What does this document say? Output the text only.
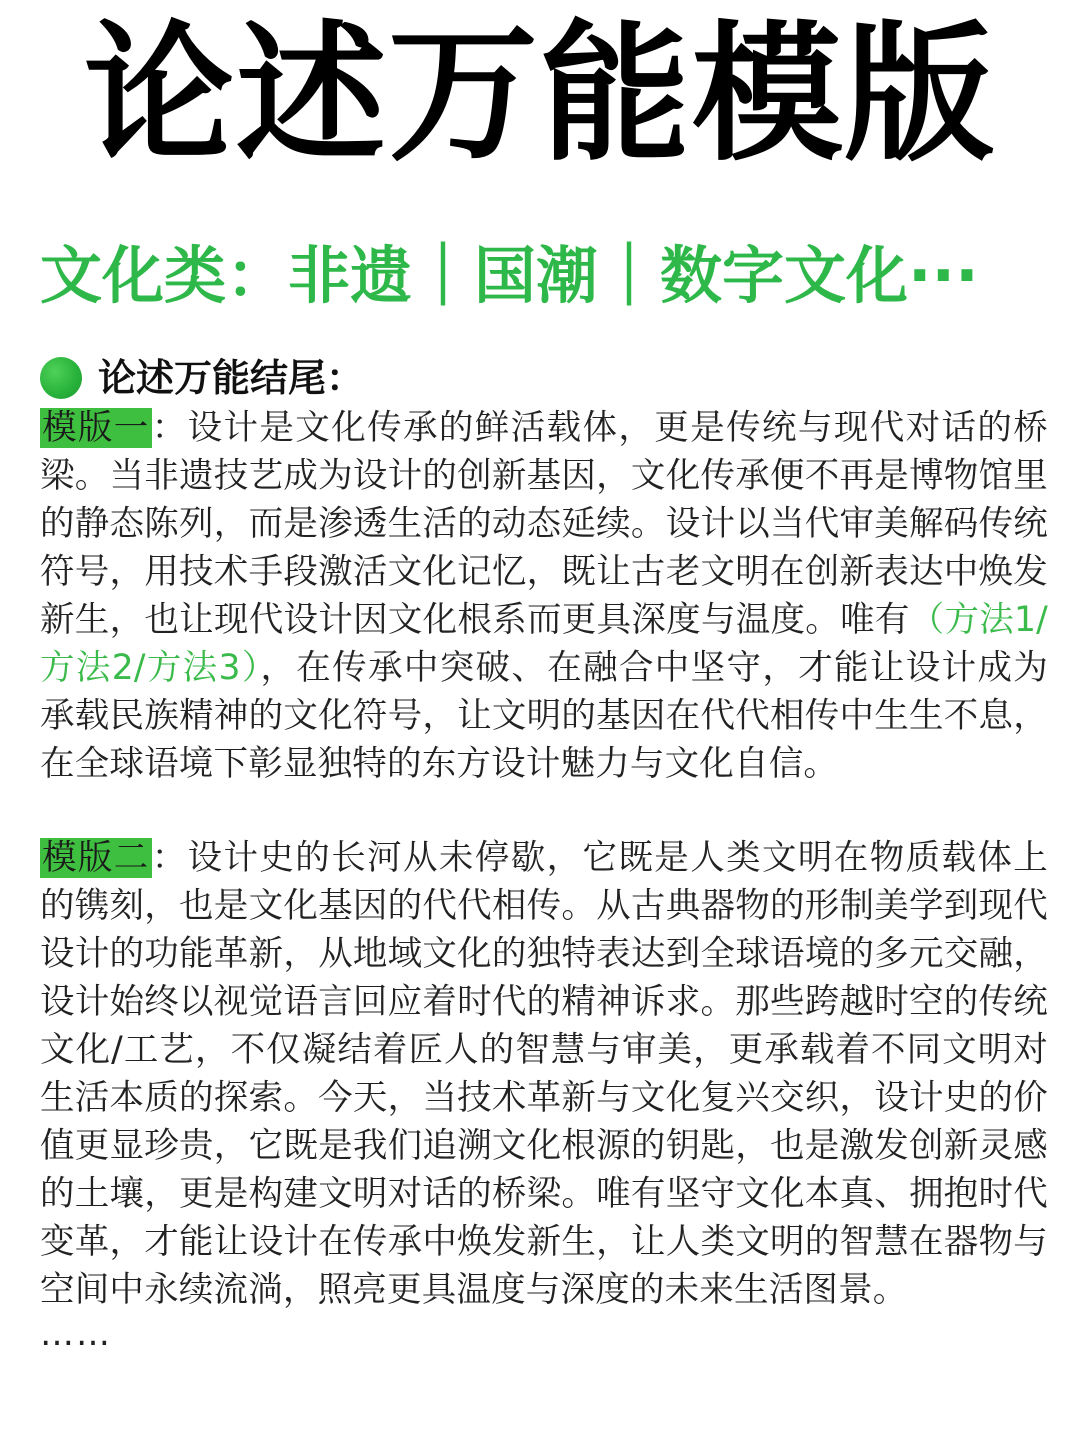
论述万能模版
文化类：非遗｜国潮｜数字文化···
论述万能结尾：
模版一：设计是文化传承的鲜活载体，更是传统与现代对话的桥梁。当非遗技艺成为设计的创新基因，文化传承便不再是博物馆里的静态陈列，而是渗透生活的动态延续。设计以当代审美解码传统符号，用技术手段激活文化记忆，既让古老文明在创新表达中焕发新生，也让现代设计因文化根系而更具深度与温度。唯有（方法1/方法2/方法3），在传承中突破、在融合中坚守，才能让设计成为承载民族精神的文化符号，让文明的基因在代代相传中生生不息，在全球语境下彰显独特的东方设计魅力与文化自信。
模版二：设计史的长河从未停歇，它既是人类文明在物质载体上的镌刻，也是文化基因的代代相传。从古典器物的形制美学到现代设计的功能革新，从地域文化的独特表达到全球语境的多元交融，设计始终以视觉语言回应着时代的精神诉求。那些跨越时空的传统文化/工艺，不仅凝结着匠人的智慧与审美，更承载着不同文明对生活本质的探索。今天，当技术革新与文化复兴交织，设计史的价值更显珍贵，它既是我们追溯文化根源的钥匙，也是激发创新灵感的土壤，更是构建文明对话的桥梁。唯有坚守文化本真、拥抱时代变革，才能让设计在传承中焕发新生，让人类文明的智慧在器物与空间中永续流淌，照亮更具温度与深度的未来生活图景。
……
